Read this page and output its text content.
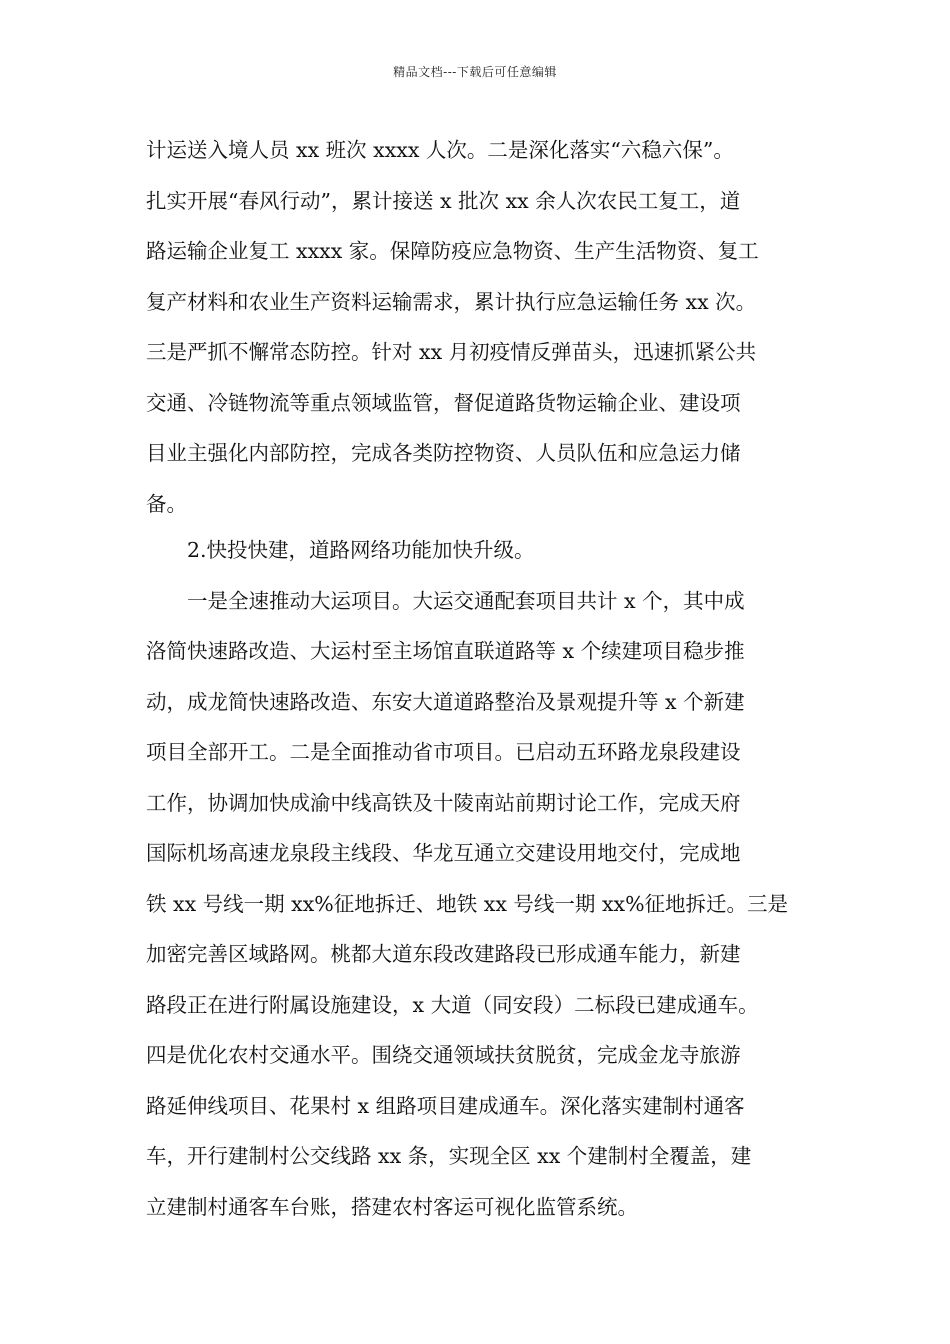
精品文档---下载后可任意编辑
计运送入境人员 xx 班次 xxxx 人次。二是深化落实“六稳六保”。
扎实开展“春风行动”，累计接送 x 批次 xx 余人次农民工复工，道
路运输企业复工 xxxx 家。保障防疫应急物资、生产生活物资、复工
复产材料和农业生产资料运输需求，累计执行应急运输任务 xx 次。
三是严抓不懈常态防控。针对 xx 月初疫情反弹苗头，迅速抓紧公共
交通、冷链物流等重点领域监管，督促道路货物运输企业、建设项
目业主强化内部防控，完成各类防控物资、人员队伍和应急运力储
备。
2.快投快建，道路网络功能加快升级。
一是全速推动大运项目。大运交通配套项目共计 x 个，其中成
洛简快速路改造、大运村至主场馆直联道路等 x 个续建项目稳步推
动，成龙简快速路改造、东安大道道路整治及景观提升等 x 个新建
项目全部开工。二是全面推动省市项目。已启动五环路龙泉段建设
工作，协调加快成渝中线高铁及十陵南站前期讨论工作，完成天府
国际机场高速龙泉段主线段、华龙互通立交建设用地交付，完成地
铁 xx 号线一期 xx%征地拆迁、地铁 xx 号线一期 xx%征地拆迁。三是
加密完善区域路网。桃都大道东段改建路段已形成通车能力，新建
路段正在进行附属设施建设，x 大道（同安段）二标段已建成通车。
四是优化农村交通水平。围绕交通领域扶贫脱贫，完成金龙寺旅游
路延伸线项目、花果村 x 组路项目建成通车。深化落实建制村通客
车，开行建制村公交线路 xx 条，实现全区 xx 个建制村全覆盖，建
立建制村通客车台账，搭建农村客运可视化监管系统。
